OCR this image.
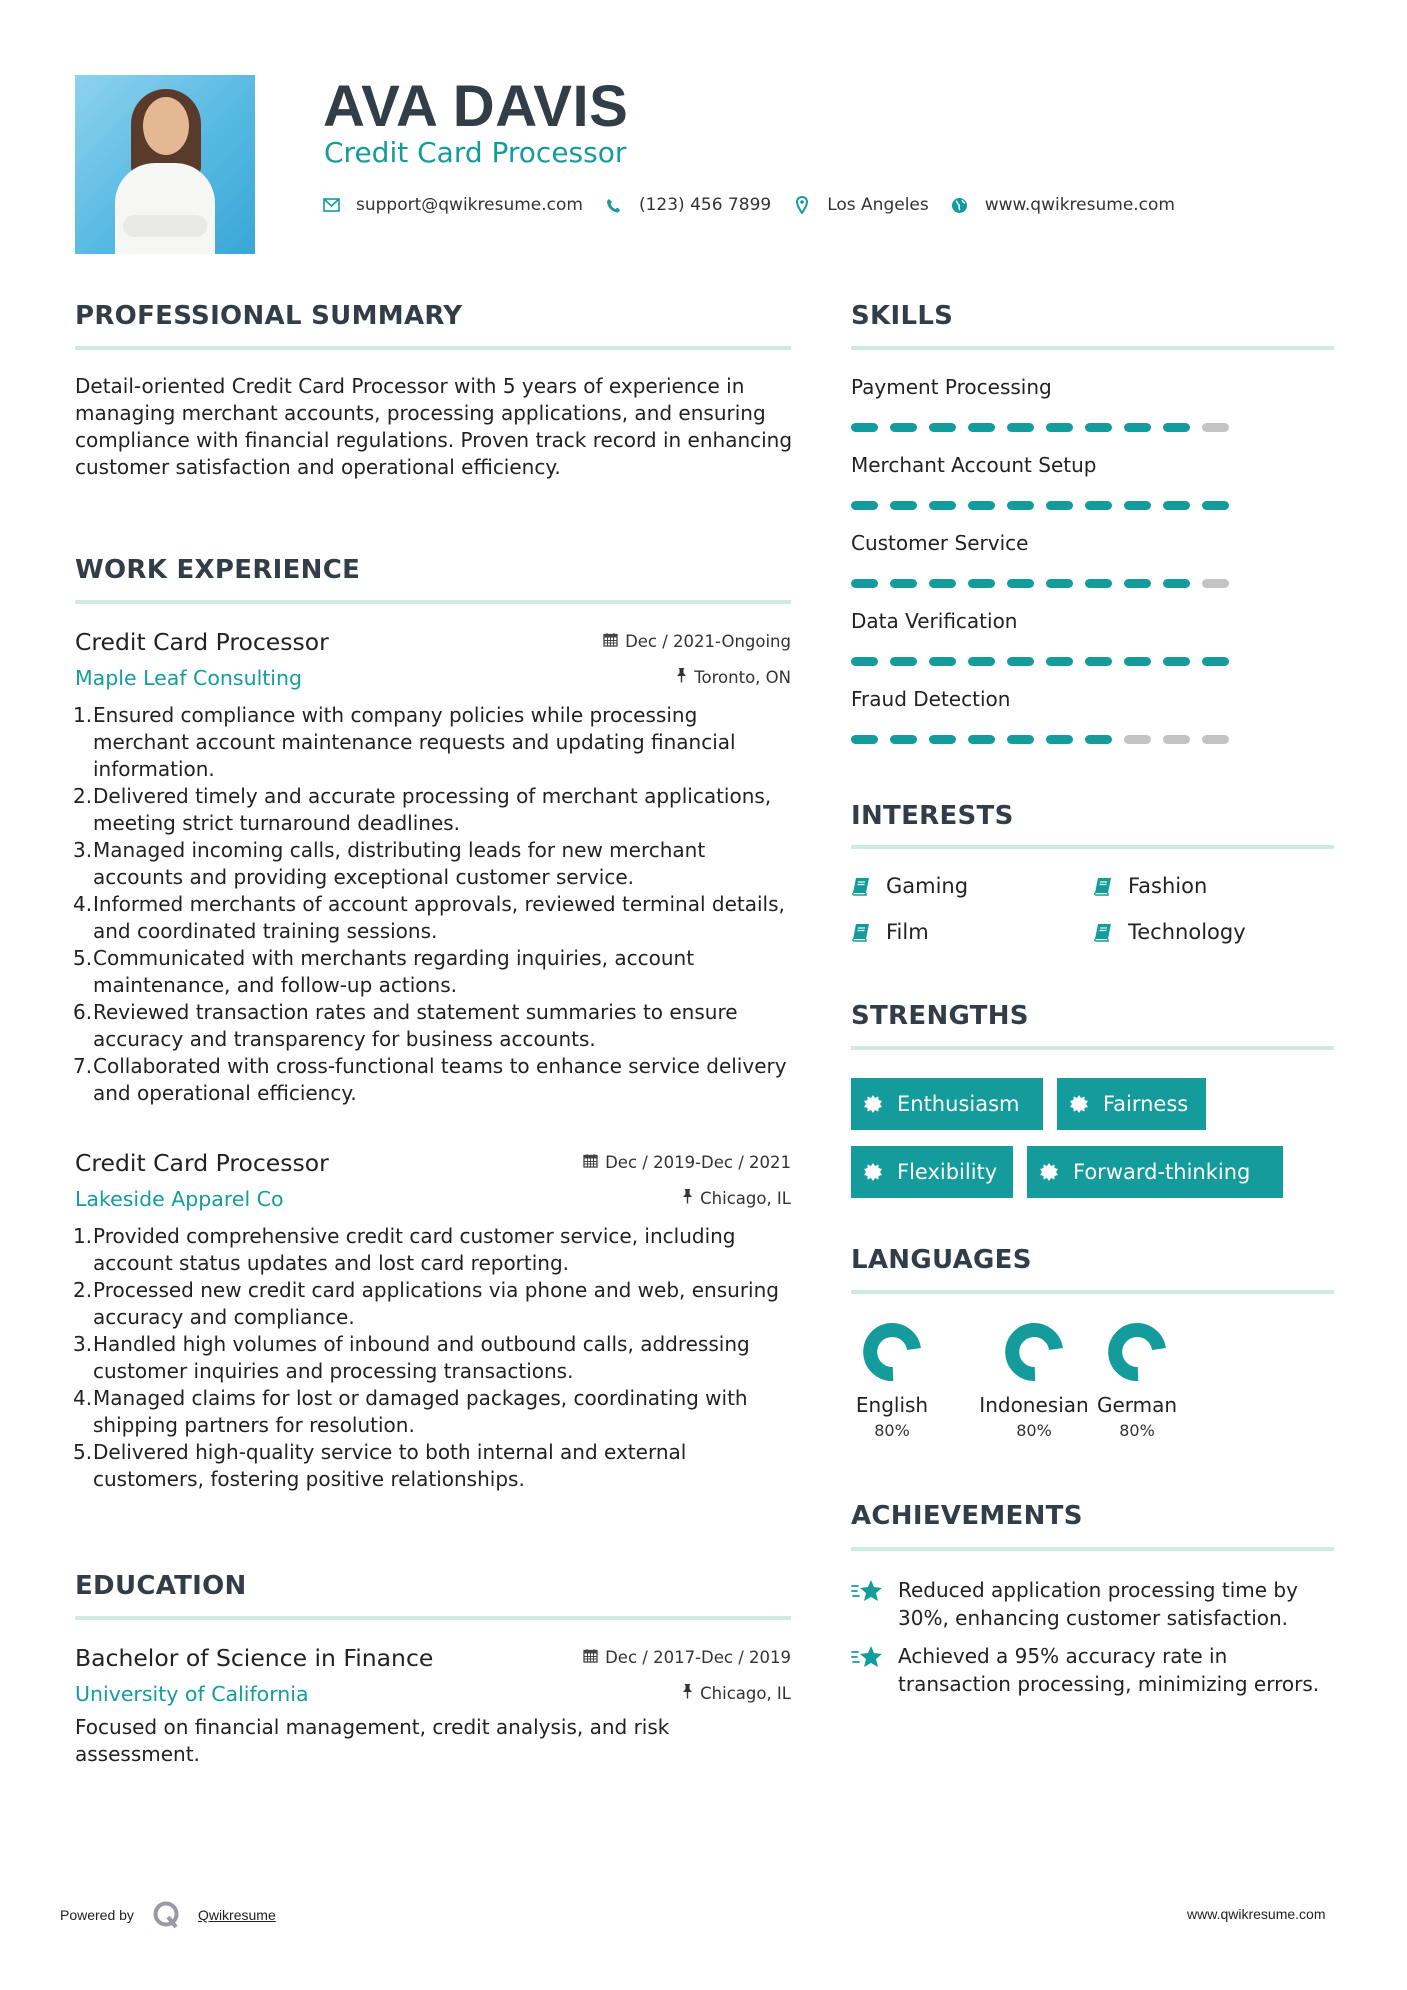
AVA DAVIS
Credit Card Processor
support@qwikresume.com	(123) 456 7899	Los Angeles	www.qwikresume.com
PROFESSIONAL SUMMARY
Detail-oriented Credit Card Processor with 5 years of experience in managing merchant accounts, processing applications, and ensuring compliance with financial regulations. Proven track record in enhancing customer satisfaction and operational efficiency.
WORK EXPERIENCE
Credit Card Processor	Dec / 2021-Ongoing
Maple Leaf Consulting	Toronto, ON
1. Ensured compliance with company policies while processing merchant account maintenance requests and updating financial information.
2. Delivered timely and accurate processing of merchant applications, meeting strict turnaround deadlines.
3. Managed incoming calls, distributing leads for new merchant accounts and providing exceptional customer service.
4. Informed merchants of account approvals, reviewed terminal details, and coordinated training sessions.
5. Communicated with merchants regarding inquiries, account maintenance, and follow-up actions.
6. Reviewed transaction rates and statement summaries to ensure accuracy and transparency for business accounts.
7. Collaborated with cross-functional teams to enhance service delivery and operational efficiency.
Credit Card Processor	Dec / 2019-Dec / 2021
Lakeside Apparel Co	Chicago, IL
1. Provided comprehensive credit card customer service, including account status updates and lost card reporting.
2. Processed new credit card applications via phone and web, ensuring accuracy and compliance.
3. Handled high volumes of inbound and outbound calls, addressing customer inquiries and processing transactions.
4. Managed claims for lost or damaged packages, coordinating with shipping partners for resolution.
5. Delivered high-quality service to both internal and external customers, fostering positive relationships.
EDUCATION
Bachelor of Science in Finance	Dec / 2017-Dec / 2019
University of California	Chicago, IL
Focused on financial management, credit analysis, and risk assessment.
SKILLS
Payment Processing
Merchant Account Setup
Customer Service
Data Verification
Fraud Detection
INTERESTS
Gaming	Fashion
Film	Technology
STRENGTHS
Enthusiasm	Fairness
Flexibility	Forward-thinking
LANGUAGES
English
80%
Indonesian
80%
German
80%
ACHIEVEMENTS
Reduced application processing time by 30%, enhancing customer satisfaction.
Achieved a 95% accuracy rate in transaction processing, minimizing errors.
Powered by	Qwikresume	www.qwikresume.com
